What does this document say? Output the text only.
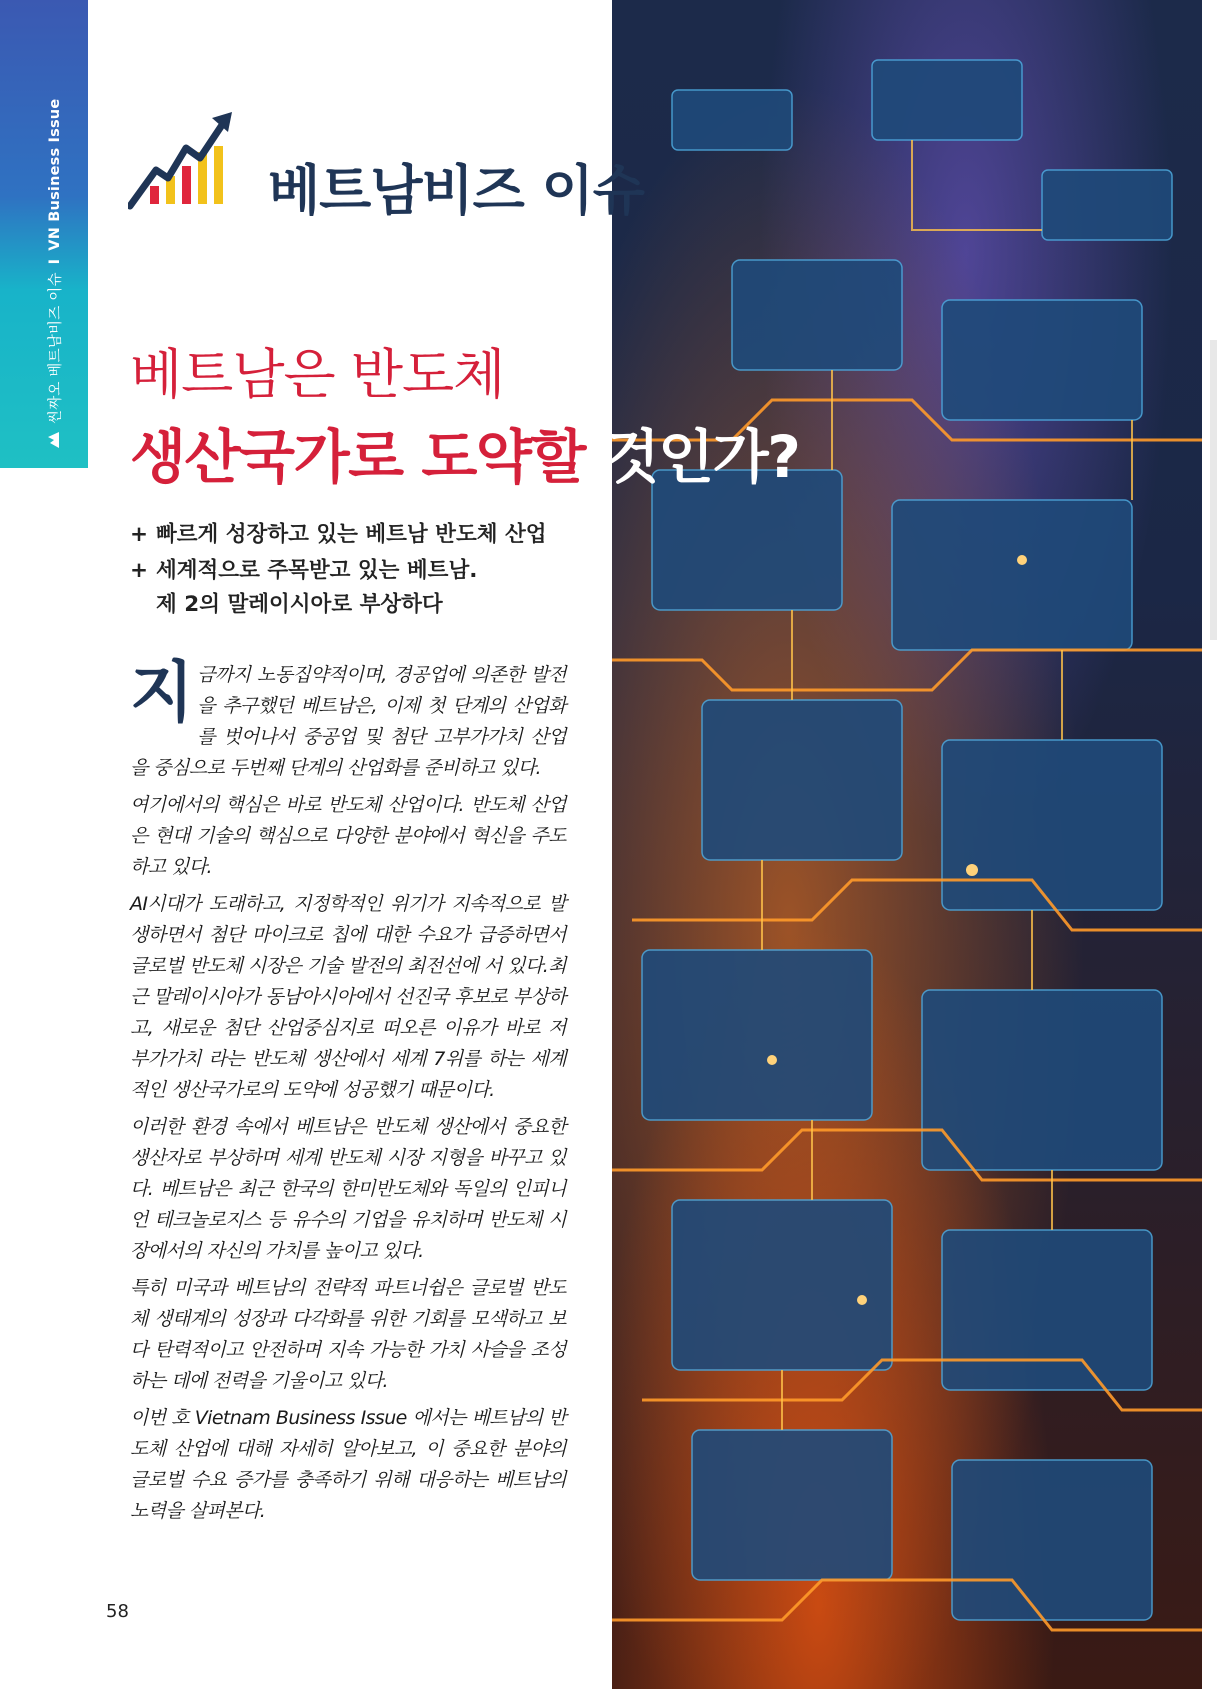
씬짜오 베트남비즈 이슈
I
VN Business Issue	베트남비즈 이슈
베트남은 반도체
생산국가로 도약할 것인가?
+ 빠르게 성장하고 있는 베트남 반도체 산업
+ 세계적으로 주목받고 있는 베트남.
제 2의 말레이시아로 부상하다

지금까지 노동집약적이며, 경공업에 의존한 발전을 추구했던 베트남은, 이제 첫 단계의 산업화를 벗어나서 중공업 및 첨단 고부가가치 산업을 중심으로 두번째 단계의 산업화를 준비하고 있다.

여기에서의 핵심은 바로 반도체 산업이다. 반도체 산업은 현대 기술의 핵심으로 다양한 분야에서 혁신을 주도하고 있다.

AI시대가 도래하고, 지정학적인 위기가 지속적으로 발생하면서 첨단 마이크로 칩에 대한 수요가 급증하면서 글로벌 반도체 시장은 기술 발전의 최전선에 서 있다.최근 말레이시아가 동남아시아에서 선진국 후보로 부상하고, 새로운 첨단 산업중심지로 떠오른 이유가 바로 저 부가가치 라는 반도체 생산에서 세계 7위를 하는 세계적인 생산국가로의 도약에 성공했기 때문이다.

이러한 환경 속에서 베트남은 반도체 생산에서 중요한 생산자로 부상하며 세계 반도체 시장 지형을 바꾸고 있다. 베트남은 최근 한국의 한미반도체와 독일의 인피니언 테크놀로지스 등 유수의 기업을 유치하며 반도체 시장에서의 자신의 가치를 높이고 있다.

특히 미국과 베트남의 전략적 파트너쉽은 글로벌 반도체 생태계의 성장과 다각화를 위한 기회를 모색하고 보다 탄력적이고 안전하며 지속 가능한 가치 사슬을 조성하는 데에 전력을 기울이고 있다.

이번 호 Vietnam Business Issue 에서는 베트남의 반도체 산업에 대해 자세히 알아보고, 이 중요한 분야의 글로벌 수요 증가를 충족하기 위해 대응하는 베트남의 노력을 살펴본다.

58
